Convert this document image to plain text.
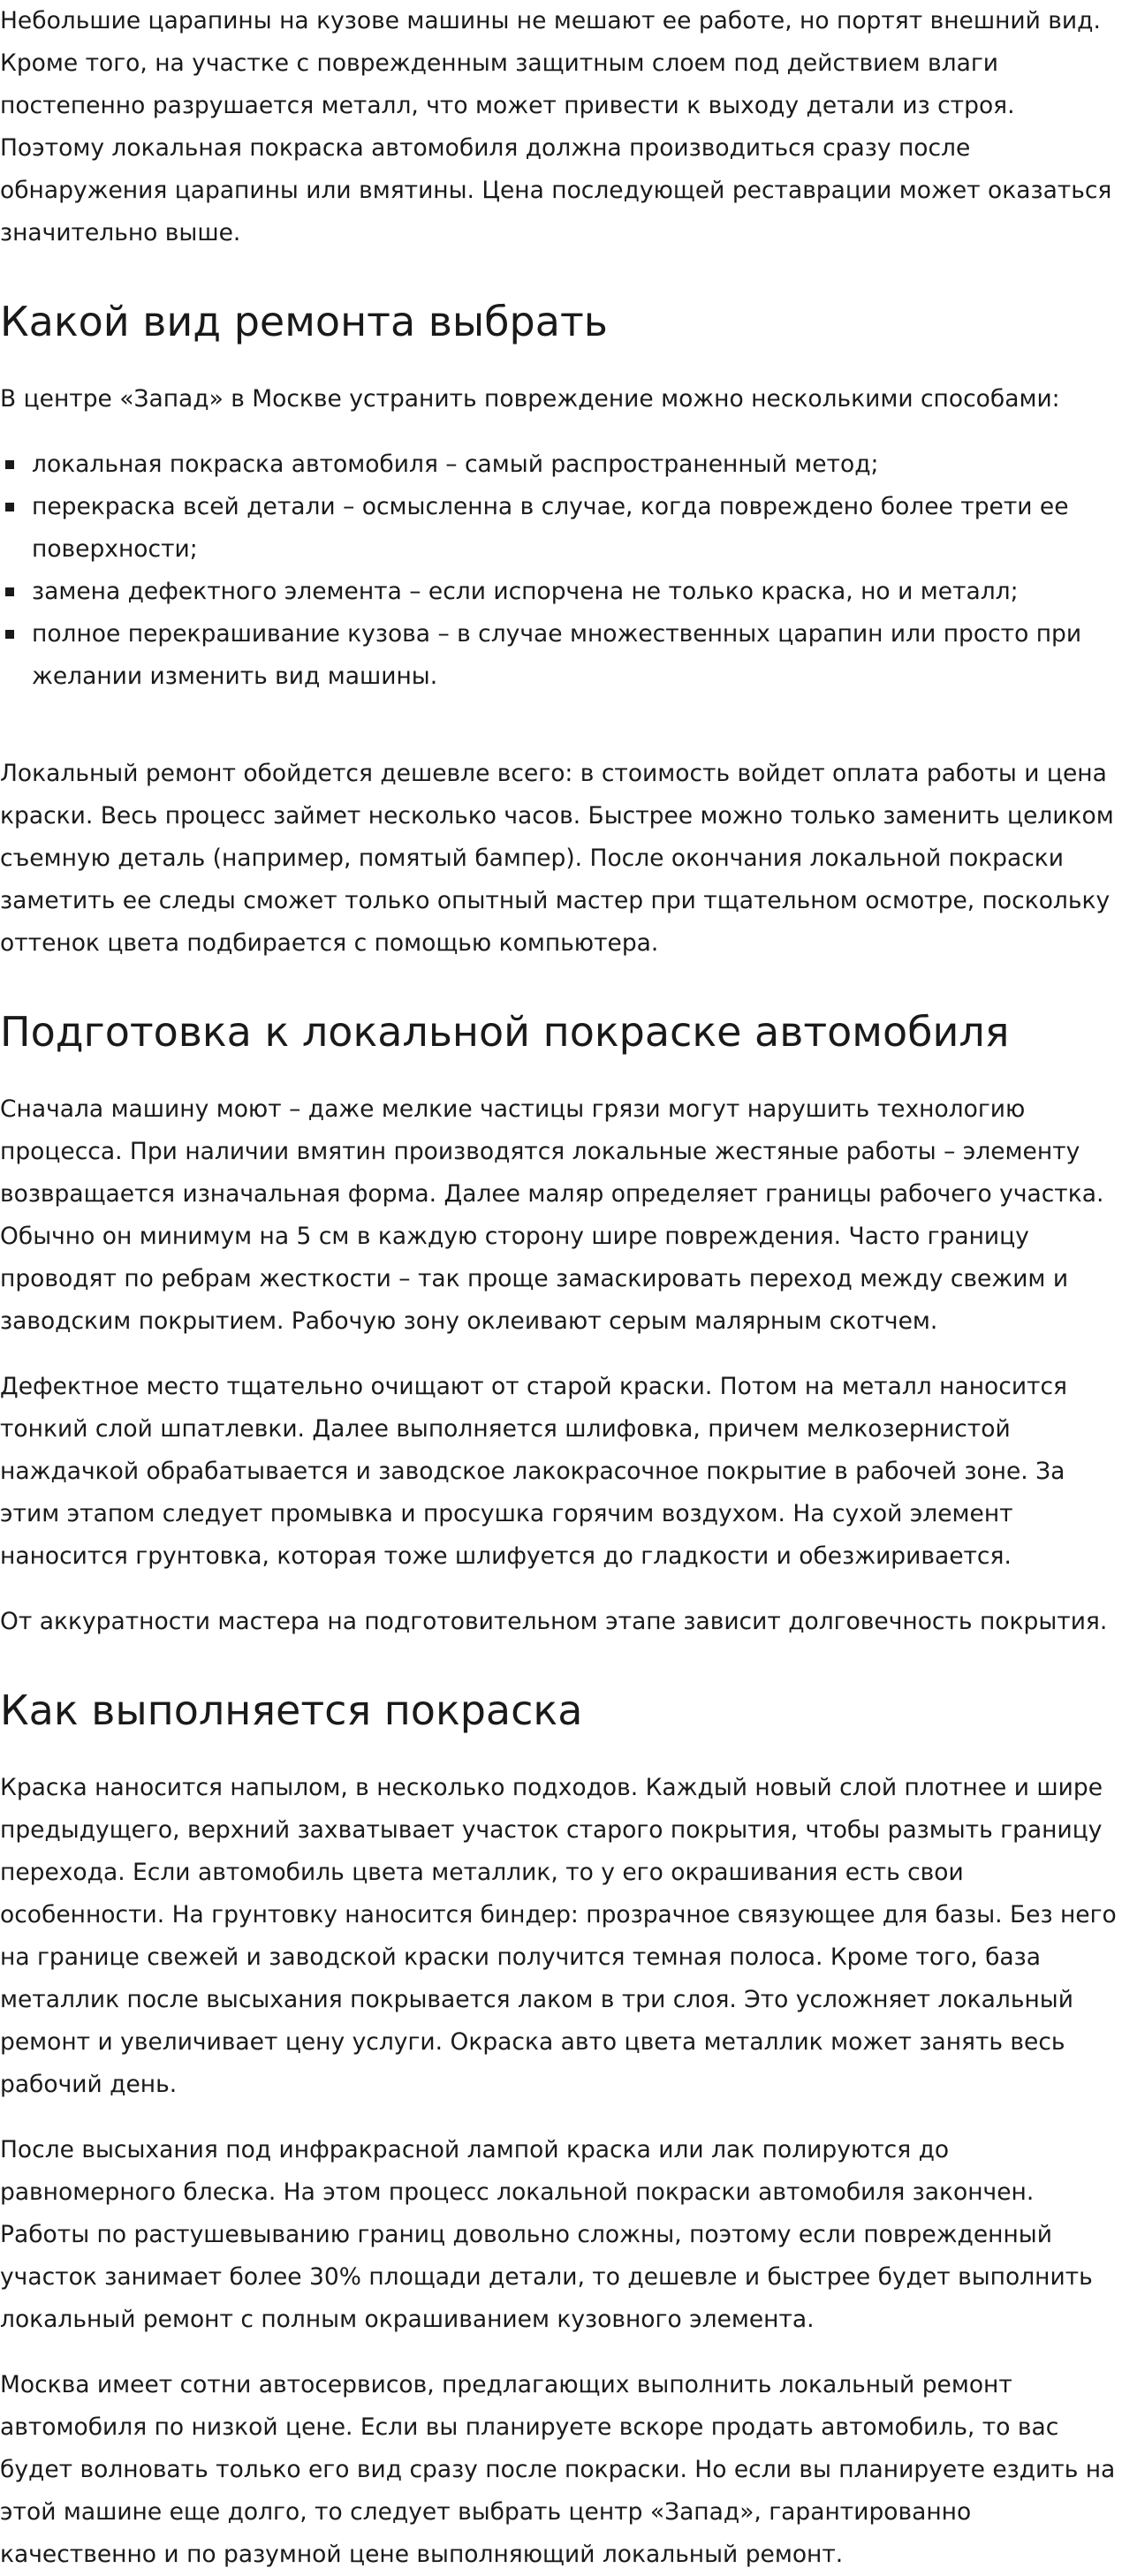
Небольшие царапины на кузове машины не мешают ее работе, но портят внешний вид. Кроме того, на участке с поврежденным защитным слоем под действием влаги постепенно разрушается металл, что может привести к выходу детали из строя. Поэтому локальная покраска автомобиля должна производиться сразу после обнаружения царапины или вмятины. Цена последующей реставрации может оказаться значительно выше.

Какой вид ремонта выбрать

В центре «Запад» в Москве устранить повреждение можно несколькими способами:

локальная покраска автомобиля – самый распространенный метод;
перекраска всей детали – осмысленна в случае, когда повреждено более трети ее поверхности;
замена дефектного элемента – если испорчена не только краска, но и металл;
полное перекрашивание кузова – в случае множественных царапин или просто при желании изменить вид машины.

Локальный ремонт обойдется дешевле всего: в стоимость войдет оплата работы и цена краски. Весь процесс займет несколько часов. Быстрее можно только заменить целиком съемную деталь (например, помятый бампер). После окончания локальной покраски заметить ее следы сможет только опытный мастер при тщательном осмотре, поскольку оттенок цвета подбирается с помощью компьютера.

Подготовка к локальной покраске автомобиля

Сначала машину моют – даже мелкие частицы грязи могут нарушить технологию процесса. При наличии вмятин производятся локальные жестяные работы – элементу возвращается изначальная форма. Далее маляр определяет границы рабочего участка. Обычно он минимум на 5 см в каждую сторону шире повреждения. Часто границу проводят по ребрам жесткости – так проще замаскировать переход между свежим и заводским покрытием. Рабочую зону оклеивают серым малярным скотчем.

Дефектное место тщательно очищают от старой краски. Потом на металл наносится тонкий слой шпатлевки. Далее выполняется шлифовка, причем мелкозернистой наждачкой обрабатывается и заводское лакокрасочное покрытие в рабочей зоне. За этим этапом следует промывка и просушка горячим воздухом. На сухой элемент наносится грунтовка, которая тоже шлифуется до гладкости и обезжиривается.

От аккуратности мастера на подготовительном этапе зависит долговечность покрытия.

Как выполняется покраска

Краска наносится напылом, в несколько подходов. Каждый новый слой плотнее и шире предыдущего, верхний захватывает участок старого покрытия, чтобы размыть границу перехода. Если автомобиль цвета металлик, то у его окрашивания есть свои особенности. На грунтовку наносится биндер: прозрачное связующее для базы. Без него на границе свежей и заводской краски получится темная полоса. Кроме того, база металлик после высыхания покрывается лаком в три слоя. Это усложняет локальный ремонт и увеличивает цену услуги. Окраска авто цвета металлик может занять весь рабочий день.

После высыхания под инфракрасной лампой краска или лак полируются до равномерного блеска. На этом процесс локальной покраски автомобиля закончен. Работы по растушевыванию границ довольно сложны, поэтому если поврежденный участок занимает более 30% площади детали, то дешевле и быстрее будет выполнить локальный ремонт с полным окрашиванием кузовного элемента.

Москва имеет сотни автосервисов, предлагающих выполнить локальный ремонт автомобиля по низкой цене. Если вы планируете вскоре продать автомобиль, то вас будет волновать только его вид сразу после покраски. Но если вы планируете ездить на этой машине еще долго, то следует выбрать центр «Запад», гарантированно качественно и по разумной цене выполняющий локальный ремонт.
